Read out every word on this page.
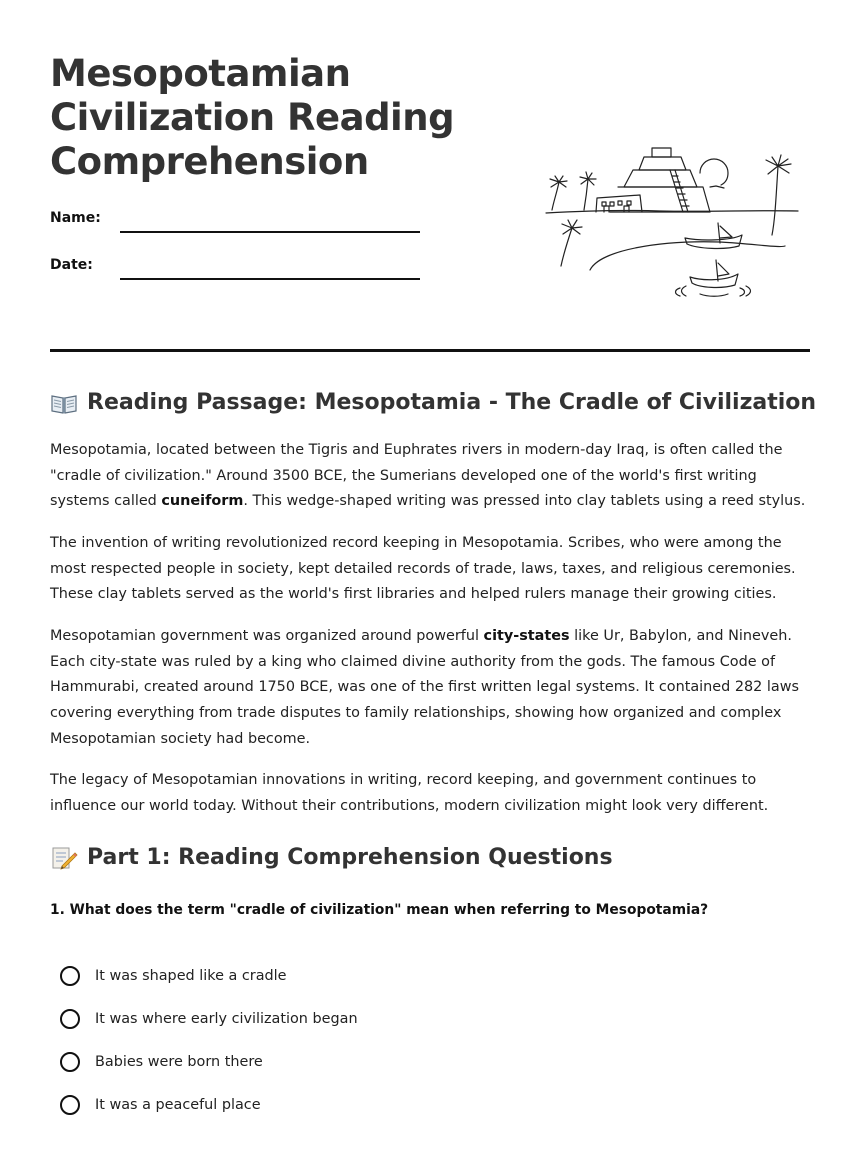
Mesopotamian Civilization Reading Comprehension
Name:
Date:
Reading Passage: Mesopotamia - The Cradle of Civilization

Mesopotamia, located between the Tigris and Euphrates rivers in modern-day Iraq, is often called the "cradle of civilization." Around 3500 BCE, the Sumerians developed one of the world's first writing systems called cuneiform. This wedge-shaped writing was pressed into clay tablets using a reed stylus.

The invention of writing revolutionized record keeping in Mesopotamia. Scribes, who were among the most respected people in society, kept detailed records of trade, laws, taxes, and religious ceremonies. These clay tablets served as the world's first libraries and helped rulers manage their growing cities.

Mesopotamian government was organized around powerful city-states like Ur, Babylon, and Nineveh. Each city-state was ruled by a king who claimed divine authority from the gods. The famous Code of Hammurabi, created around 1750 BCE, was one of the first written legal systems. It contained 282 laws covering everything from trade disputes to family relationships, showing how organized and complex Mesopotamian society had become.

The legacy of Mesopotamian innovations in writing, record keeping, and government continues to influence our world today. Without their contributions, modern civilization might look very different.

Part 1: Reading Comprehension Questions

1. What does the term "cradle of civilization" mean when referring to Mesopotamia?

It was shaped like a cradle
It was where early civilization began
Babies were born there
It was a peaceful place
